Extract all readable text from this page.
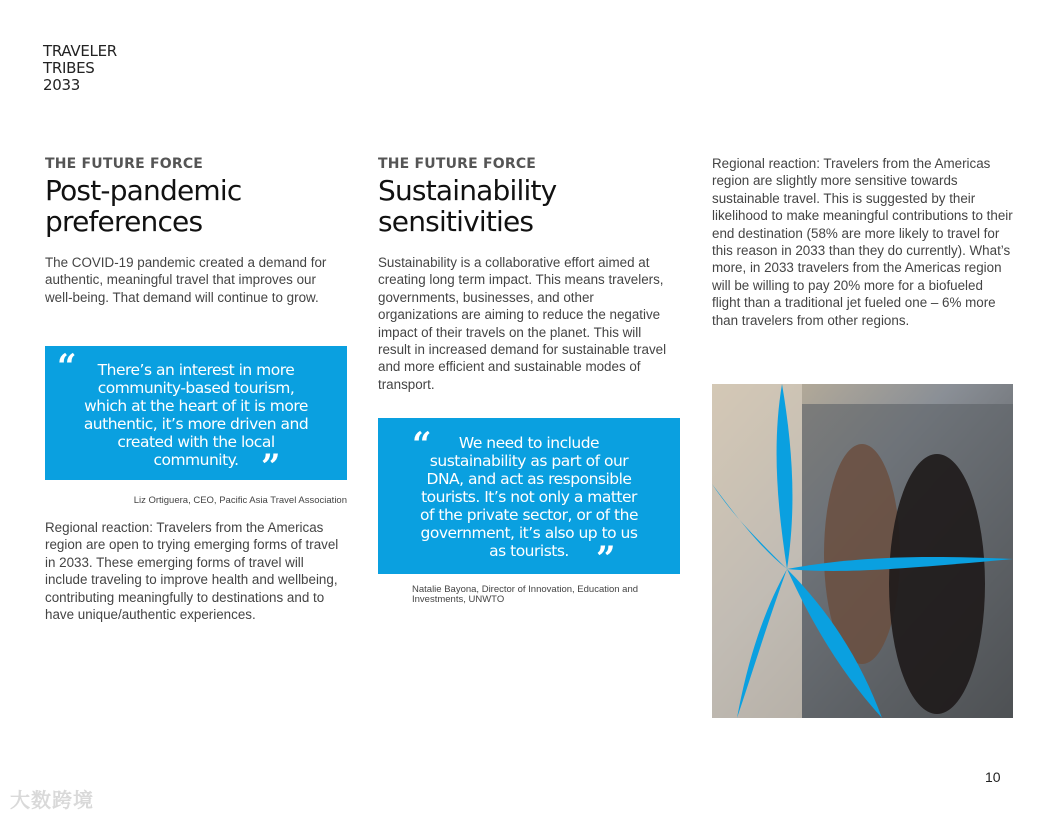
TRAVELER
TRIBES
2033
THE FUTURE FORCE
Post-pandemic
preferences
The COVID-19 pandemic created a demand for authentic, meaningful travel that improves our well-being. That demand will continue to grow.
“	There’s an interest in more community-based tourism, which at the heart of it is more authentic, it’s more driven and created with the local community. ”
Liz Ortiguera, CEO, Pacific Asia Travel Association
Regional reaction: Travelers from the Americas region are open to trying emerging forms of travel in 2033. These emerging forms of travel will include traveling to improve health and wellbeing, contributing meaningfully to destinations and to have unique/authentic experiences.
THE FUTURE FORCE
Sustainability
sensitivities
Sustainability is a collaborative effort aimed at creating long term impact. This means travelers, governments, businesses, and other organizations are aiming to reduce the negative impact of their travels on the planet. This will result in increased demand for sustainable travel and more efficient and sustainable modes of transport.
“	We need to include sustainability as part of our DNA, and act as responsible tourists. It’s not only a matter of the private sector, or of the government, it’s also up to us as tourists. ”
Natalie Bayona, Director of Innovation, Education and Investments, UNWTO
Regional reaction: Travelers from the Americas region are slightly more sensitive towards sustainable travel. This is suggested by their likelihood to make meaningful contributions to their end destination (58% are more likely to travel for this reason in 2033 than they do currently). What’s more, in 2033 travelers from the Americas region will be willing to pay 20% more for a biofueled flight than a traditional jet fueled one – 6% more than travelers from other regions.
10
大数跨境
